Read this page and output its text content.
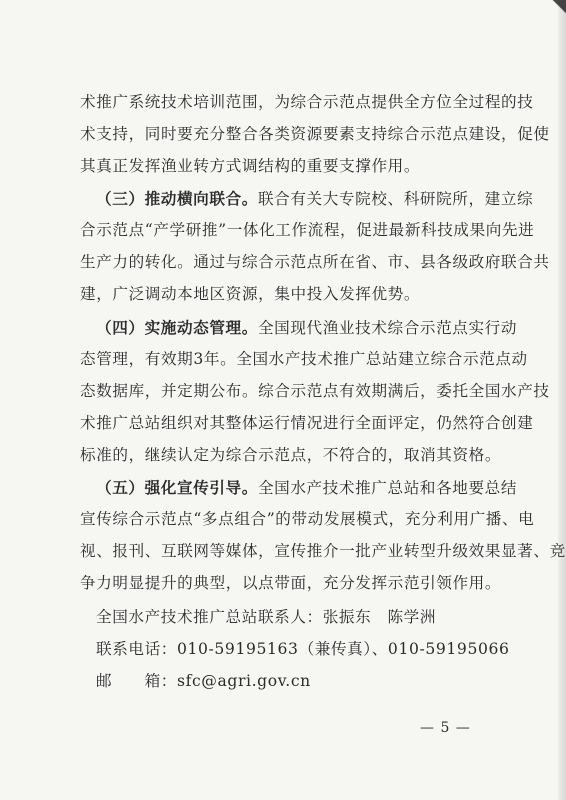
术推广系统技术培训范围，为综合示范点提供全方位全过程的技
术支持，同时要充分整合各类资源要素支持综合示范点建设，促使
其真正发挥渔业转方式调结构的重要支撑作用。
（三）推动横向联合。联合有关大专院校、科研院所，建立综
合示范点“产学研推”一体化工作流程，促进最新科技成果向先进
生产力的转化。通过与综合示范点所在省、市、县各级政府联合共
建，广泛调动本地区资源，集中投入发挥优势。
（四）实施动态管理。全国现代渔业技术综合示范点实行动
态管理，有效期3年。全国水产技术推广总站建立综合示范点动
态数据库，并定期公布。综合示范点有效期满后，委托全国水产技
术推广总站组织对其整体运行情况进行全面评定，仍然符合创建
标准的，继续认定为综合示范点，不符合的，取消其资格。
（五）强化宣传引导。全国水产技术推广总站和各地要总结
宣传综合示范点“多点组合”的带动发展模式，充分利用广播、电
视、报刊、互联网等媒体，宣传推介一批产业转型升级效果显著、竞
争力明显提升的典型，以点带面，充分发挥示范引领作用。
全国水产技术推广总站联系人：张振东　陈学洲
联系电话：010-59195163（兼传真）、010-59195066
邮　　箱：sfc@agri.gov.cn
— 5 —
